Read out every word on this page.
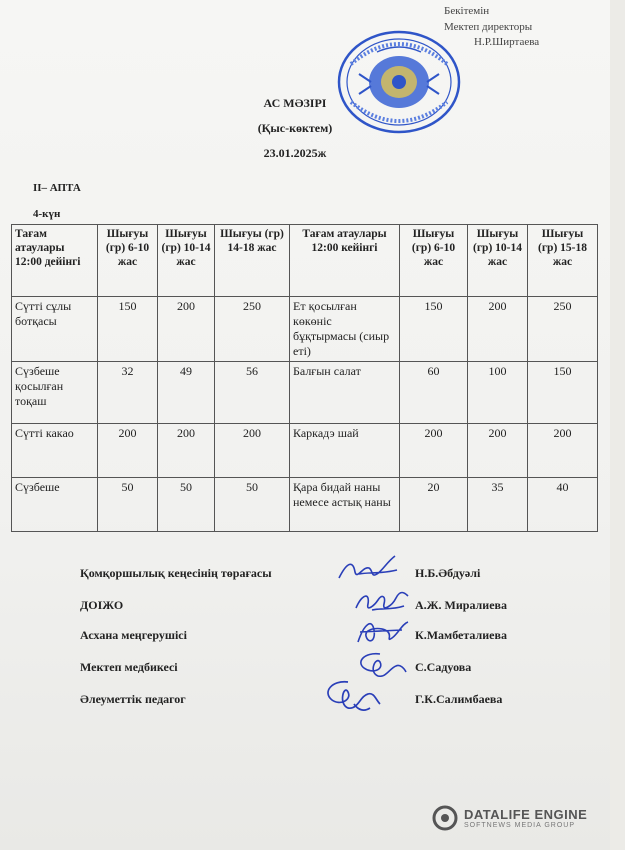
Бекітемін
Мектеп директоры
Н.Р.Ширтаева
АС МӘЗІРІ
(Қыс-көктем)
23.01.2025ж
II– АПТА
4-күн
Тағам атаулары 12:00 дейінгі	Шығуы (гр) 6-10 жас	Шығуы (гр) 10-14 жас	Шығуы (гр) 14-18 жас	Тағам атаулары 12:00 кейінгі	Шығуы (гр) 6-10 жас	Шығуы (гр) 10-14 жас	Шығуы (гр) 15-18 жас
Сүтті сұлы ботқасы	150	200	250	Ет қосылған көкөніс бұқтырмасы (сиыр еті)	150	200	250
Сүзбеше қосылған тоқаш	32	49	56	Балғын салат	60	100	150
Сүтті какао	200	200	200	Каркадэ шай	200	200	200
Сүзбеше	50	50	50	Қара бидай наны немесе астық наны	20	35	40
Қомқоршылық кеңесінің төрағасы	Н.Б.Әбдуәлі
ДОІЖО	А.Ж. Миралиева
Асхана меңгерушісі	К.Мамбеталиева
Мектеп медбикесі	С.Садуова
Әлеуметтік педагог	Г.К.Салимбаева
DATALIFE ENGINE
SOFTNEWS MEDIA GROUP
